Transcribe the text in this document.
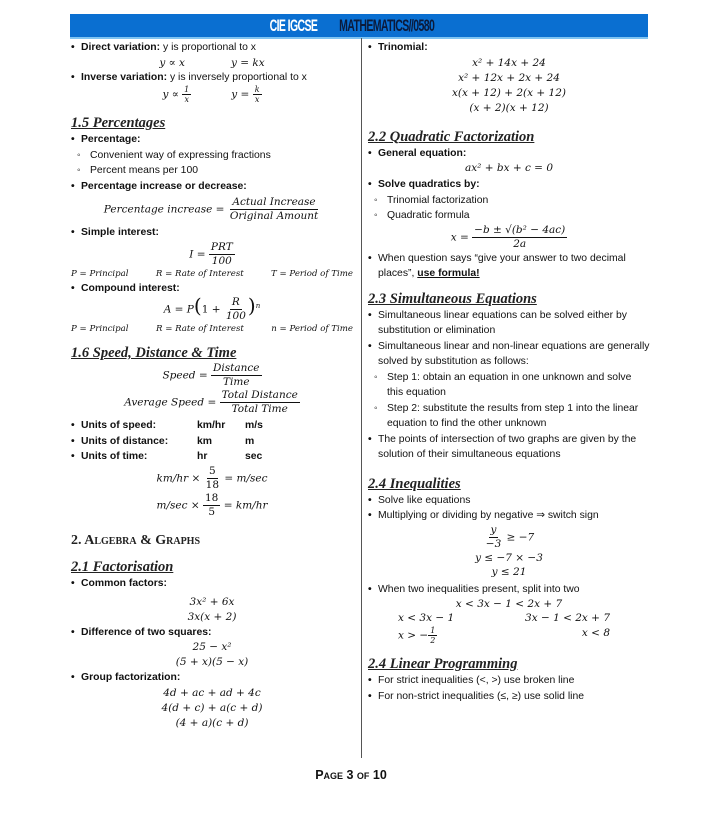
CIE IGCSE MATHEMATICS//0580
• Direct variation: y is proportional to x
y ∝ x	y = kx
• Inverse variation: y is inversely proportional to x
$y \propto \frac{1}{x}$	$y = \frac{k}{x}$
1.5 Percentages
• Percentage:
◦ Convenient way of expressing fractions
◦ Percent means per 100
• Percentage increase or decrease:
Percentage increase = $\frac{\text{Actual Increase}}{\text{Original Amount}}$
• Simple interest:
$I = \frac{\text{PRT}}{100}$
P = Principal	R = Rate of Interest	T = Period of Time
• Compound interest:
$A = P(1 + \frac{R}{100} )^n$
P = Principal	R = Rate of Interest	n = Period of Time
1.6 Speed, Distance & Time
Speed = $\frac{\text{Distance}}{\text{Time}}$
Average Speed = $\frac{\text{Total Distance}}{\text{Total Time}}$
• Units of speed:	km/hr	m/s
• Units of distance:	km	m
• Units of time:	hr	sec
$km/hr \times \frac{5}{18} = m/\sec$
$m/\sec \times \frac{18}{5} = km/hr$
2. Algebra & Graphs
2.1 Factorisation
• Common factors:
3x² + 6x
3x(x + 2)
• Difference of two squares:
25 − x²
(5 + x)(5 − x)
• Group factorization:
4d + ac + ad + 4c
4(d + c) + a(c + d)
(4 + a)(c + d)
• Trinomial:
x² + 14x + 24
x² + 12x + 2x + 24
x(x + 12) + 2(x + 12)
(x + 2)(x + 12)
2.2 Quadratic Factorization
• General equation:
ax² + bx + c = 0
• Solve quadratics by:
◦ Trinomial factorization
◦ Quadratic formula
$x = \frac{\text{−b ± √(b² − 4ac)}}{2a}$
• When question says “give your answer to two decimal places”, use formula!
2.3 Simultaneous Equations
• Simultaneous linear equations can be solved either by substitution or elimination
• Simultaneous linear and non-linear equations are generally solved by substitution as follows:
◦ Step 1: obtain an equation in one unknown and solve this equation
◦ Step 2: substitute the results from step 1 into the linear equation to find the other unknown
• The points of intersection of two graphs are given by the solution of their simultaneous equations
2.4 Inequalities
• Solve like equations
• Multiplying or dividing by negative ⇒ switch sign
$\frac{y}{-3} \ge -7$
y ≤ −7 × −3
y ≤ 21
• When two inequalities present, split into two
x < 3x − 1 < 2x + 7
x < 3x − 1	3x − 1 < 2x + 7
x > − $\frac{1}{2}$	x < 8
2.4 Linear Programming
• For strict inequalities (<, >) use broken line
• For non-strict inequalities (≤, ≥) use solid line
Page 3 of 10
